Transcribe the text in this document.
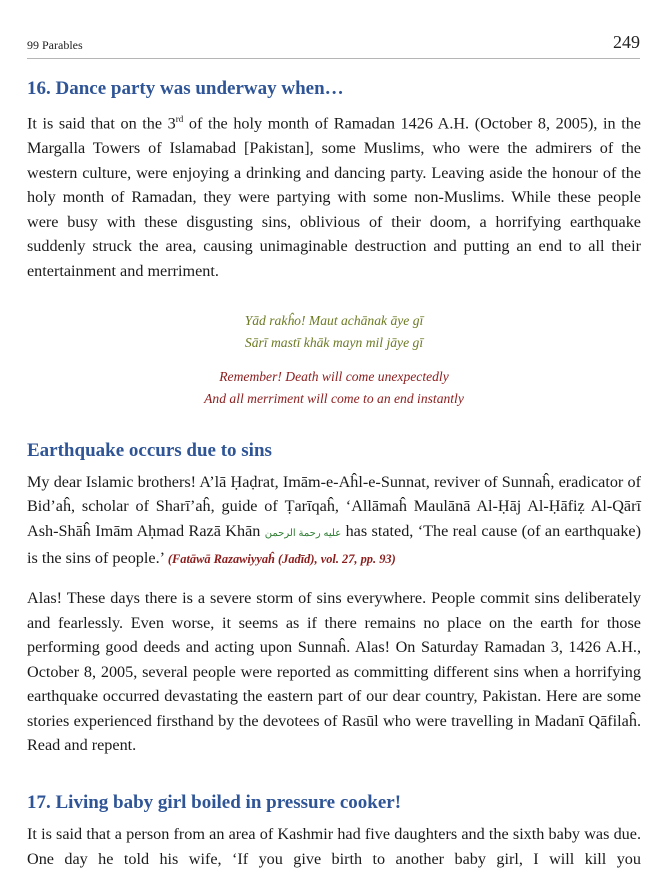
99 Parables	249
16. Dance party was underway when…

It is said that on the 3rd of the holy month of Ramadan 1426 A.H. (October 8, 2005), in the Margalla Towers of Islamabad [Pakistan], some Muslims, who were the admirers of the western culture, were enjoying a drinking and dancing party. Leaving aside the honour of the holy month of Ramadan, they were partying with some non-Muslims. While these people were busy with these disgusting sins, oblivious of their doom, a horrifying earthquake suddenly struck the area, causing unimaginable destruction and putting an end to all their entertainment and merriment.

Yād rakĥo! Maut achānak āye gī
Sārī mastī khāk mayn mil jāye gī
Remember! Death will come unexpectedly
And all merriment will come to an end instantly
Earthquake occurs due to sins

My dear Islamic brothers! A’lā Ḥaḍrat, Imām-e-Aĥl-e-Sunnat, reviver of Sunnaĥ, eradicator of Bid’aĥ, scholar of Sharī’aĥ, guide of Ṭarīqaĥ, ‘Allāmaĥ Maulānā Al-Ḥāj Al-Ḥāfiẓ Al-Qārī Ash-Shāĥ Imām Aḥmad Razā Khān عليه رحمة الرحمن has stated, ‘The real cause (of an earthquake) is the sins of people.’ (Fatāwā Razawiyyaĥ (Jadīd), vol. 27, pp. 93)

Alas! These days there is a severe storm of sins everywhere. People commit sins deliberately and fearlessly. Even worse, it seems as if there remains no place on the earth for those performing good deeds and acting upon Sunnaĥ. Alas! On Saturday Ramadan 3, 1426 A.H., October 8, 2005, several people were reported as committing different sins when a horrifying earthquake occurred devastating the eastern part of our dear country, Pakistan. Here are some stories experienced firsthand by the devotees of Rasūl who were travelling in Madanī Qāfilaĥ. Read and repent.

17. Living baby girl boiled in pressure cooker!

It is said that a person from an area of Kashmir had five daughters and the sixth baby was due. One day he told his wife, ‘If you give birth to another baby girl, I will kill you
